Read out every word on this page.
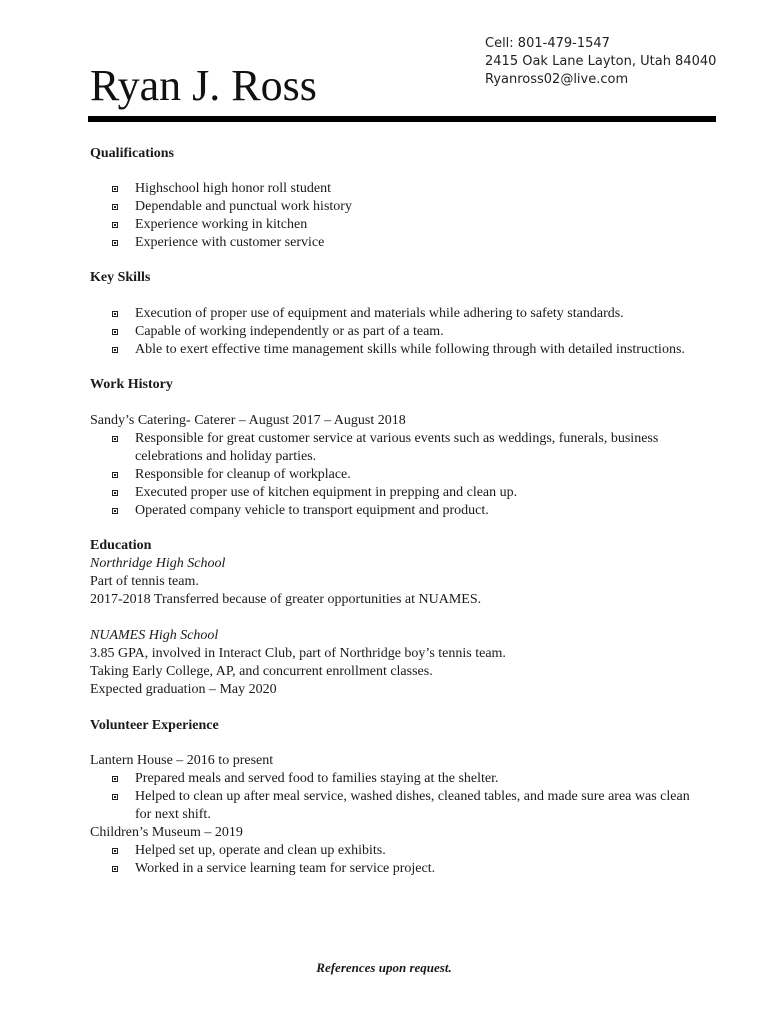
Ryan J. Ross
Cell: 801-479-1547
2415 Oak Lane Layton, Utah 84040
Ryanross02@live.com

Qualifications

Highschool high honor roll student
Dependable and punctual work history
Experience working in kitchen
Experience with customer service

Key Skills

Execution of proper use of equipment and materials while adhering to safety standards.
Capable of working independently or as part of a team.
Able to exert effective time management skills while following through with detailed instructions.

Work History

Sandy’s Catering- Caterer – August 2017 – August 2018

Responsible for great customer service at various events such as weddings, funerals, business celebrations and holiday parties.
Responsible for cleanup of workplace.
Executed proper use of kitchen equipment in prepping and clean up.
Operated company vehicle to transport equipment and product.

Education

Northridge High School

Part of tennis team.

2017-2018 Transferred because of greater opportunities at NUAMES.

NUAMES High School

3.85 GPA, involved in Interact Club, part of Northridge boy’s tennis team.

Taking Early College, AP, and concurrent enrollment classes.

Expected graduation – May 2020

Volunteer Experience

Lantern House – 2016 to present

Prepared meals and served food to families staying at the shelter.
Helped to clean up after meal service, washed dishes, cleaned tables, and made sure area was clean for next shift.

Children’s Museum – 2019

Helped set up, operate and clean up exhibits.
Worked in a service learning team for service project.
References upon request.
